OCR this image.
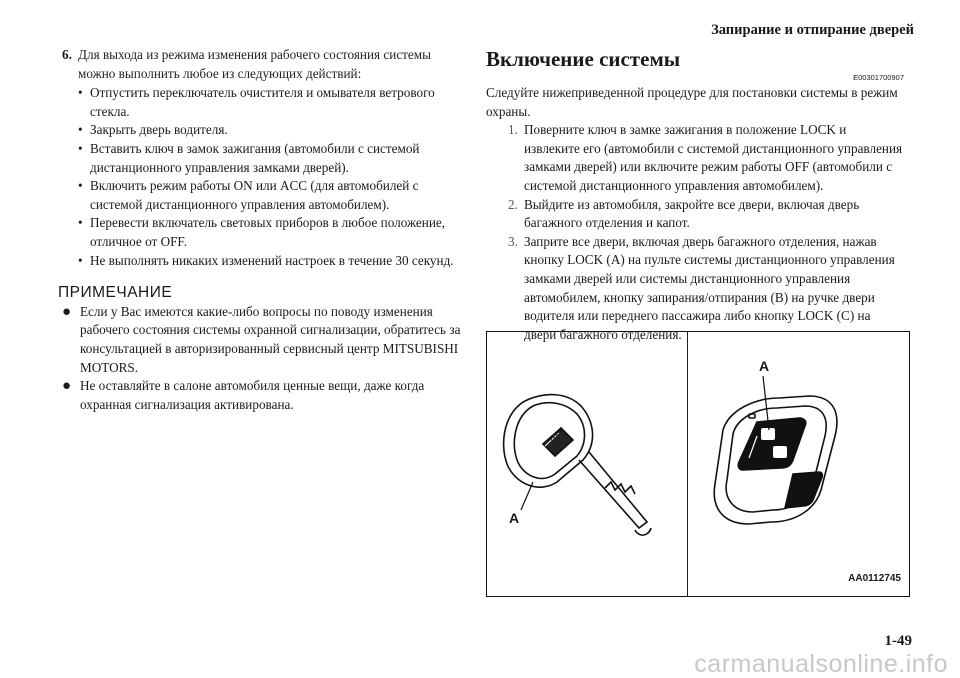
Запирание и отпирание дверей
6. Для выхода из режима изменения рабочего состояния системы можно выполнить любое из следующих действий:
• Отпустить переключатель очистителя и омывателя ветрового стекла.
• Закрыть дверь водителя.
• Вставить ключ в замок зажигания (автомобили с системой дистанционного управления замками дверей).
• Включить режим работы ON или ACC (для автомобилей с системой дистанционного управления автомобилем).
• Перевести включатель световых приборов в любое положение, отличное от OFF.
• Не выполнять никаких изменений настроек в течение 30 секунд.
ПРИМЕЧАНИЕ
● Если у Вас имеются какие-либо вопросы по поводу изменения рабочего состояния системы охранной сигнализации, обратитесь за консультацией в авторизированный сервисный центр MITSUBISHI MOTORS.
● Не оставляйте в салоне автомобиля ценные вещи, даже когда охранная сигнализация активирована.
Включение системы
E00301700907
Следуйте нижеприведенной процедуре для постановки системы в режим охраны.
1. Поверните ключ в замке зажигания в положение LOCK и извлеките его (автомобили с системой дистанционного управления замками дверей) или включите режим работы OFF (автомобили с системой дистанционного управления автомобилем).
2. Выйдите из автомобиля, закройте все двери, включая дверь багажного отделения и капот.
3. Заприте все двери, включая дверь багажного отделения, нажав кнопку LOCK (A) на пульте системы дистанционного управления замками дверей или системы дистанционного управления автомобилем, кнопку запирания/отпирания (B) на ручке двери водителя или переднего пассажира либо кнопку LOCK (C) на двери багажного отделения.
A
A
LOCK
AA0112745
1-49
carmanualsonline.info
